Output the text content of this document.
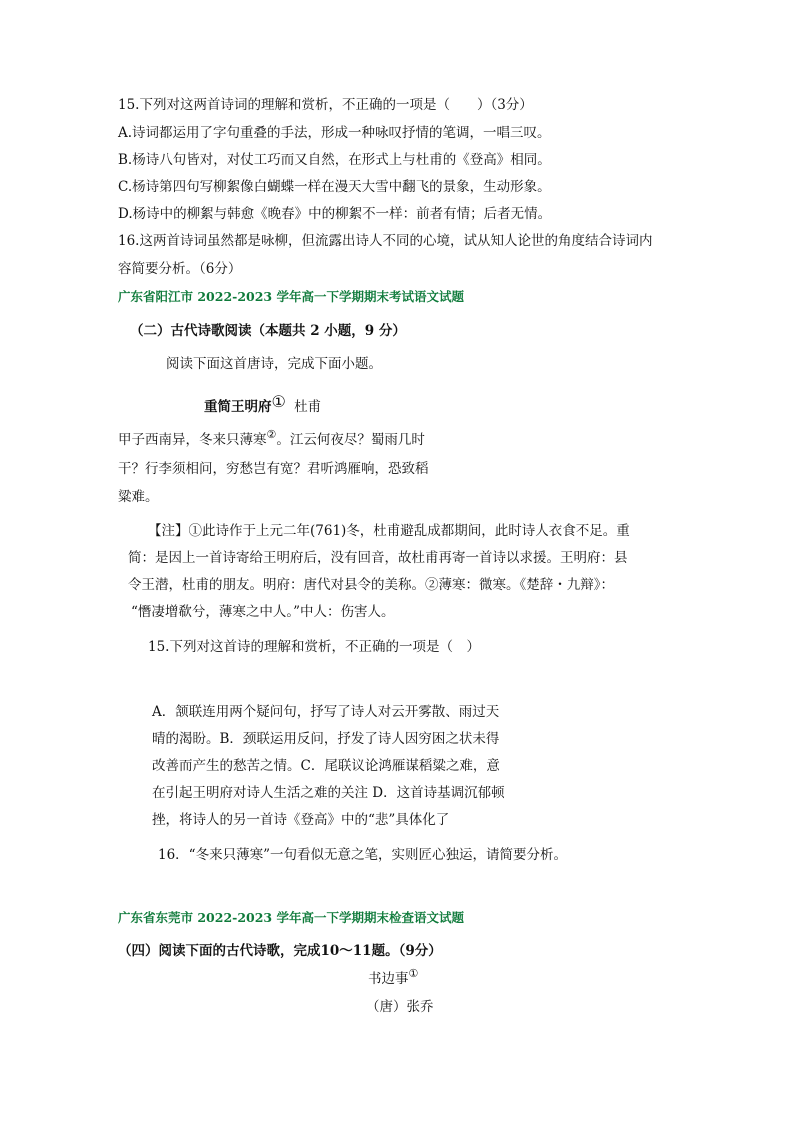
15.下列对这两首诗词的理解和赏析，不正确的一项是（　　）（3分）
A.诗词都运用了字句重叠的手法，形成一种咏叹抒情的笔调，一唱三叹。
B.杨诗八句皆对，对仗工巧而又自然，在形式上与杜甫的《登高》相同。
C.杨诗第四句写柳絮像白蝴蝶一样在漫天大雪中翻飞的景象，生动形象。
D.杨诗中的柳絮与韩愈《晚春》中的柳絮不一样：前者有情；后者无情。
16.这两首诗词虽然都是咏柳，但流露出诗人不同的心境，试从知人论世的角度结合诗词内
容简要分析。（6分）
广东省阳江市 2022-2023 学年高一下学期期末考试语文试题
（二）古代诗歌阅读（本题共 2 小题，9 分）
阅读下面这首唐诗，完成下面小题。
重简王明府① 杜甫
甲子西南异，冬来只薄寒②。江云何夜尽？蜀雨几时
干？行李须相问，穷愁岂有宽？君听鸿雁响，恐致稻
粱难。
【注】①此诗作于上元二年(761)冬，杜甫避乱成都期间，此时诗人衣食不足。重
简：是因上一首诗寄给王明府后，没有回音，故杜甫再寄一首诗以求援。王明府：县
令王潜，杜甫的朋友。明府：唐代对县令的美称。②薄寒：微寒。《楚辞・九辩》：
“憯凄增欷兮，薄寒之中人。”中人：伤害人。
15.下列对这首诗的理解和赏析，不正确的一项是（　）
A．颔联连用两个疑问句，抒写了诗人对云开雾散、雨过天
晴的渴盼。B．颈联运用反问，抒发了诗人因穷困之状未得
改善而产生的愁苦之情。C．尾联议论鸿雁谋稻粱之难，意
在引起王明府对诗人生活之难的关注 D．这首诗基调沉郁顿
挫，将诗人的另一首诗《登高》中的“悲”具体化了
16．“冬来只薄寒”一句看似无意之笔，实则匠心独运，请简要分析。
广东省东莞市 2022-2023 学年高一下学期期末检查语文试题
（四）阅读下面的古代诗歌，完成10～11题。（9分）
书边事①
（唐）张乔
